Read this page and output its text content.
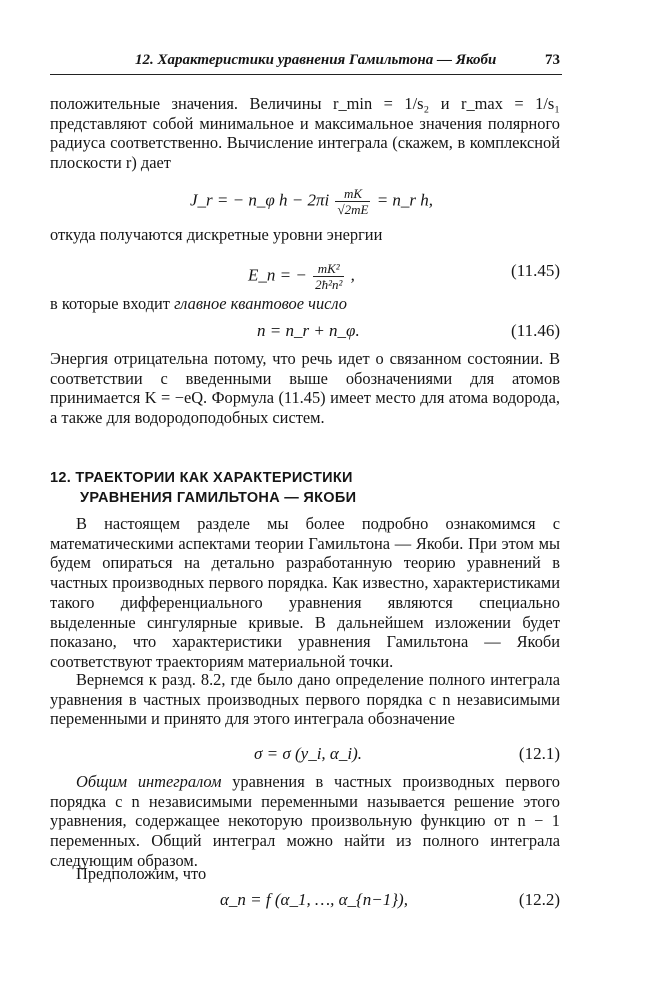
12. Характеристики уравнения Гамильтона — Якоби	73
положительные значения. Величины r_min = 1/s₂ и r_max = 1/s₁ представляют собой минимальное и максимальное значения полярного радиуса соответственно. Вычисление интеграла (скажем, в комплексной плоскости r) дает
J_r = − n_φ $h - 2\pi i \frac{mK}{√2mE}$ = n_r h,
откуда получаются дискретные уровни энергии
E_n = − $\frac{\text{mK²}}{\text{2ħ²n²}}$ ,	(11.45)
в которые входит главное квантовое число
n = n_r + n_φ.	(11.46)
Энергия отрицательна потому, что речь идет о связанном состоянии. В соответствии с введенными выше обозначениями для атомов принимается K = −eQ. Формула (11.45) имеет место для атома водорода, а также для водородоподобных систем.
12. ТРАЕКТОРИИ КАК ХАРАКТЕРИСТИКИ
УРАВНЕНИЯ ГАМИЛЬТОНА — ЯКОБИ
В настоящем разделе мы более подробно ознакомимся с математическими аспектами теории Гамильтона — Якоби. При этом мы будем опираться на детально разработанную теорию уравнений в частных производных первого порядка. Как известно, характеристиками такого дифференциального уравнения являются специально выделенные сингулярные кривые. В дальнейшем изложении будет показано, что характеристики уравнения Гамильтона — Якоби соответствуют траекториям материальной точки.
Вернемся к разд. 8.2, где было дано определение полного интеграла уравнения в частных производных первого порядка с n независимыми переменными и принято для этого интеграла обозначение
σ = σ (y_i, α_i).	(12.1)
Общим интегралом уравнения в частных производных первого порядка с n независимыми переменными называется решение этого уравнения, содержащее некоторую произвольную функцию от n − 1 переменных. Общий интеграл можно найти из полного интеграла следующим образом.
Предположим, что
α_n = f (α_1, …, α_{n−1}),	(12.2)
